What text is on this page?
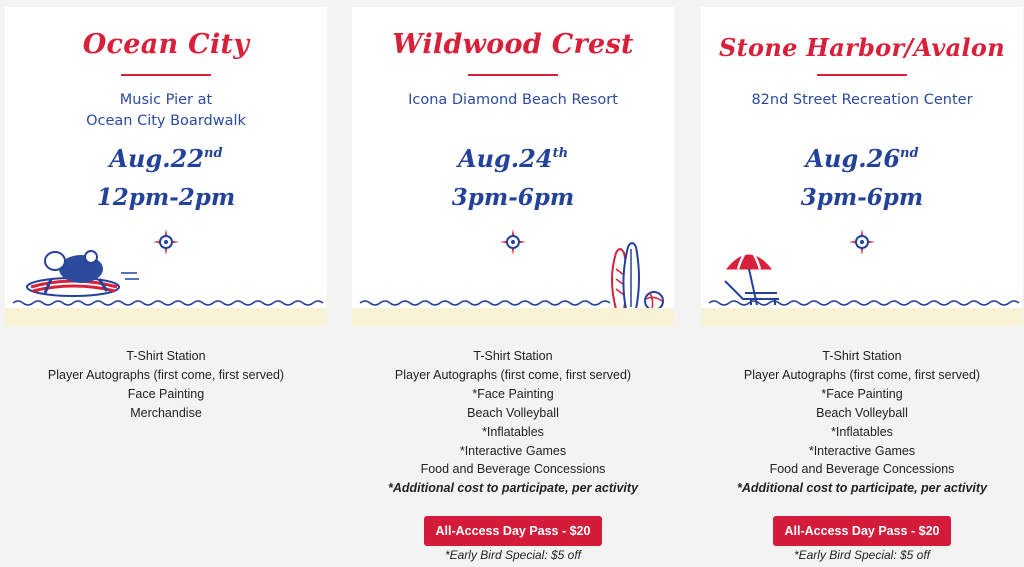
Ocean City
Music Pier at
Ocean City Boardwalk
Aug.22nd
12pm-2pm
T-Shirt Station
Player Autographs (first come, first served)
Face Painting
Merchandise
Wildwood Crest
Icona Diamond Beach Resort
Aug.24th
3pm-6pm
T-Shirt Station
Player Autographs (first come, first served)
*Face Painting
Beach Volleyball
*Inflatables
*Interactive Games
Food and Beverage Concessions
*Additional cost to participate, per activity
All-Access Day Pass - $20
*Early Bird Special: $5 off
Stone Harbor/Avalon
82nd Street Recreation Center
Aug.26nd
3pm-6pm
T-Shirt Station
Player Autographs (first come, first served)
*Face Painting
Beach Volleyball
*Inflatables
*Interactive Games
Food and Beverage Concessions
*Additional cost to participate, per activity
All-Access Day Pass - $20
*Early Bird Special: $5 off
